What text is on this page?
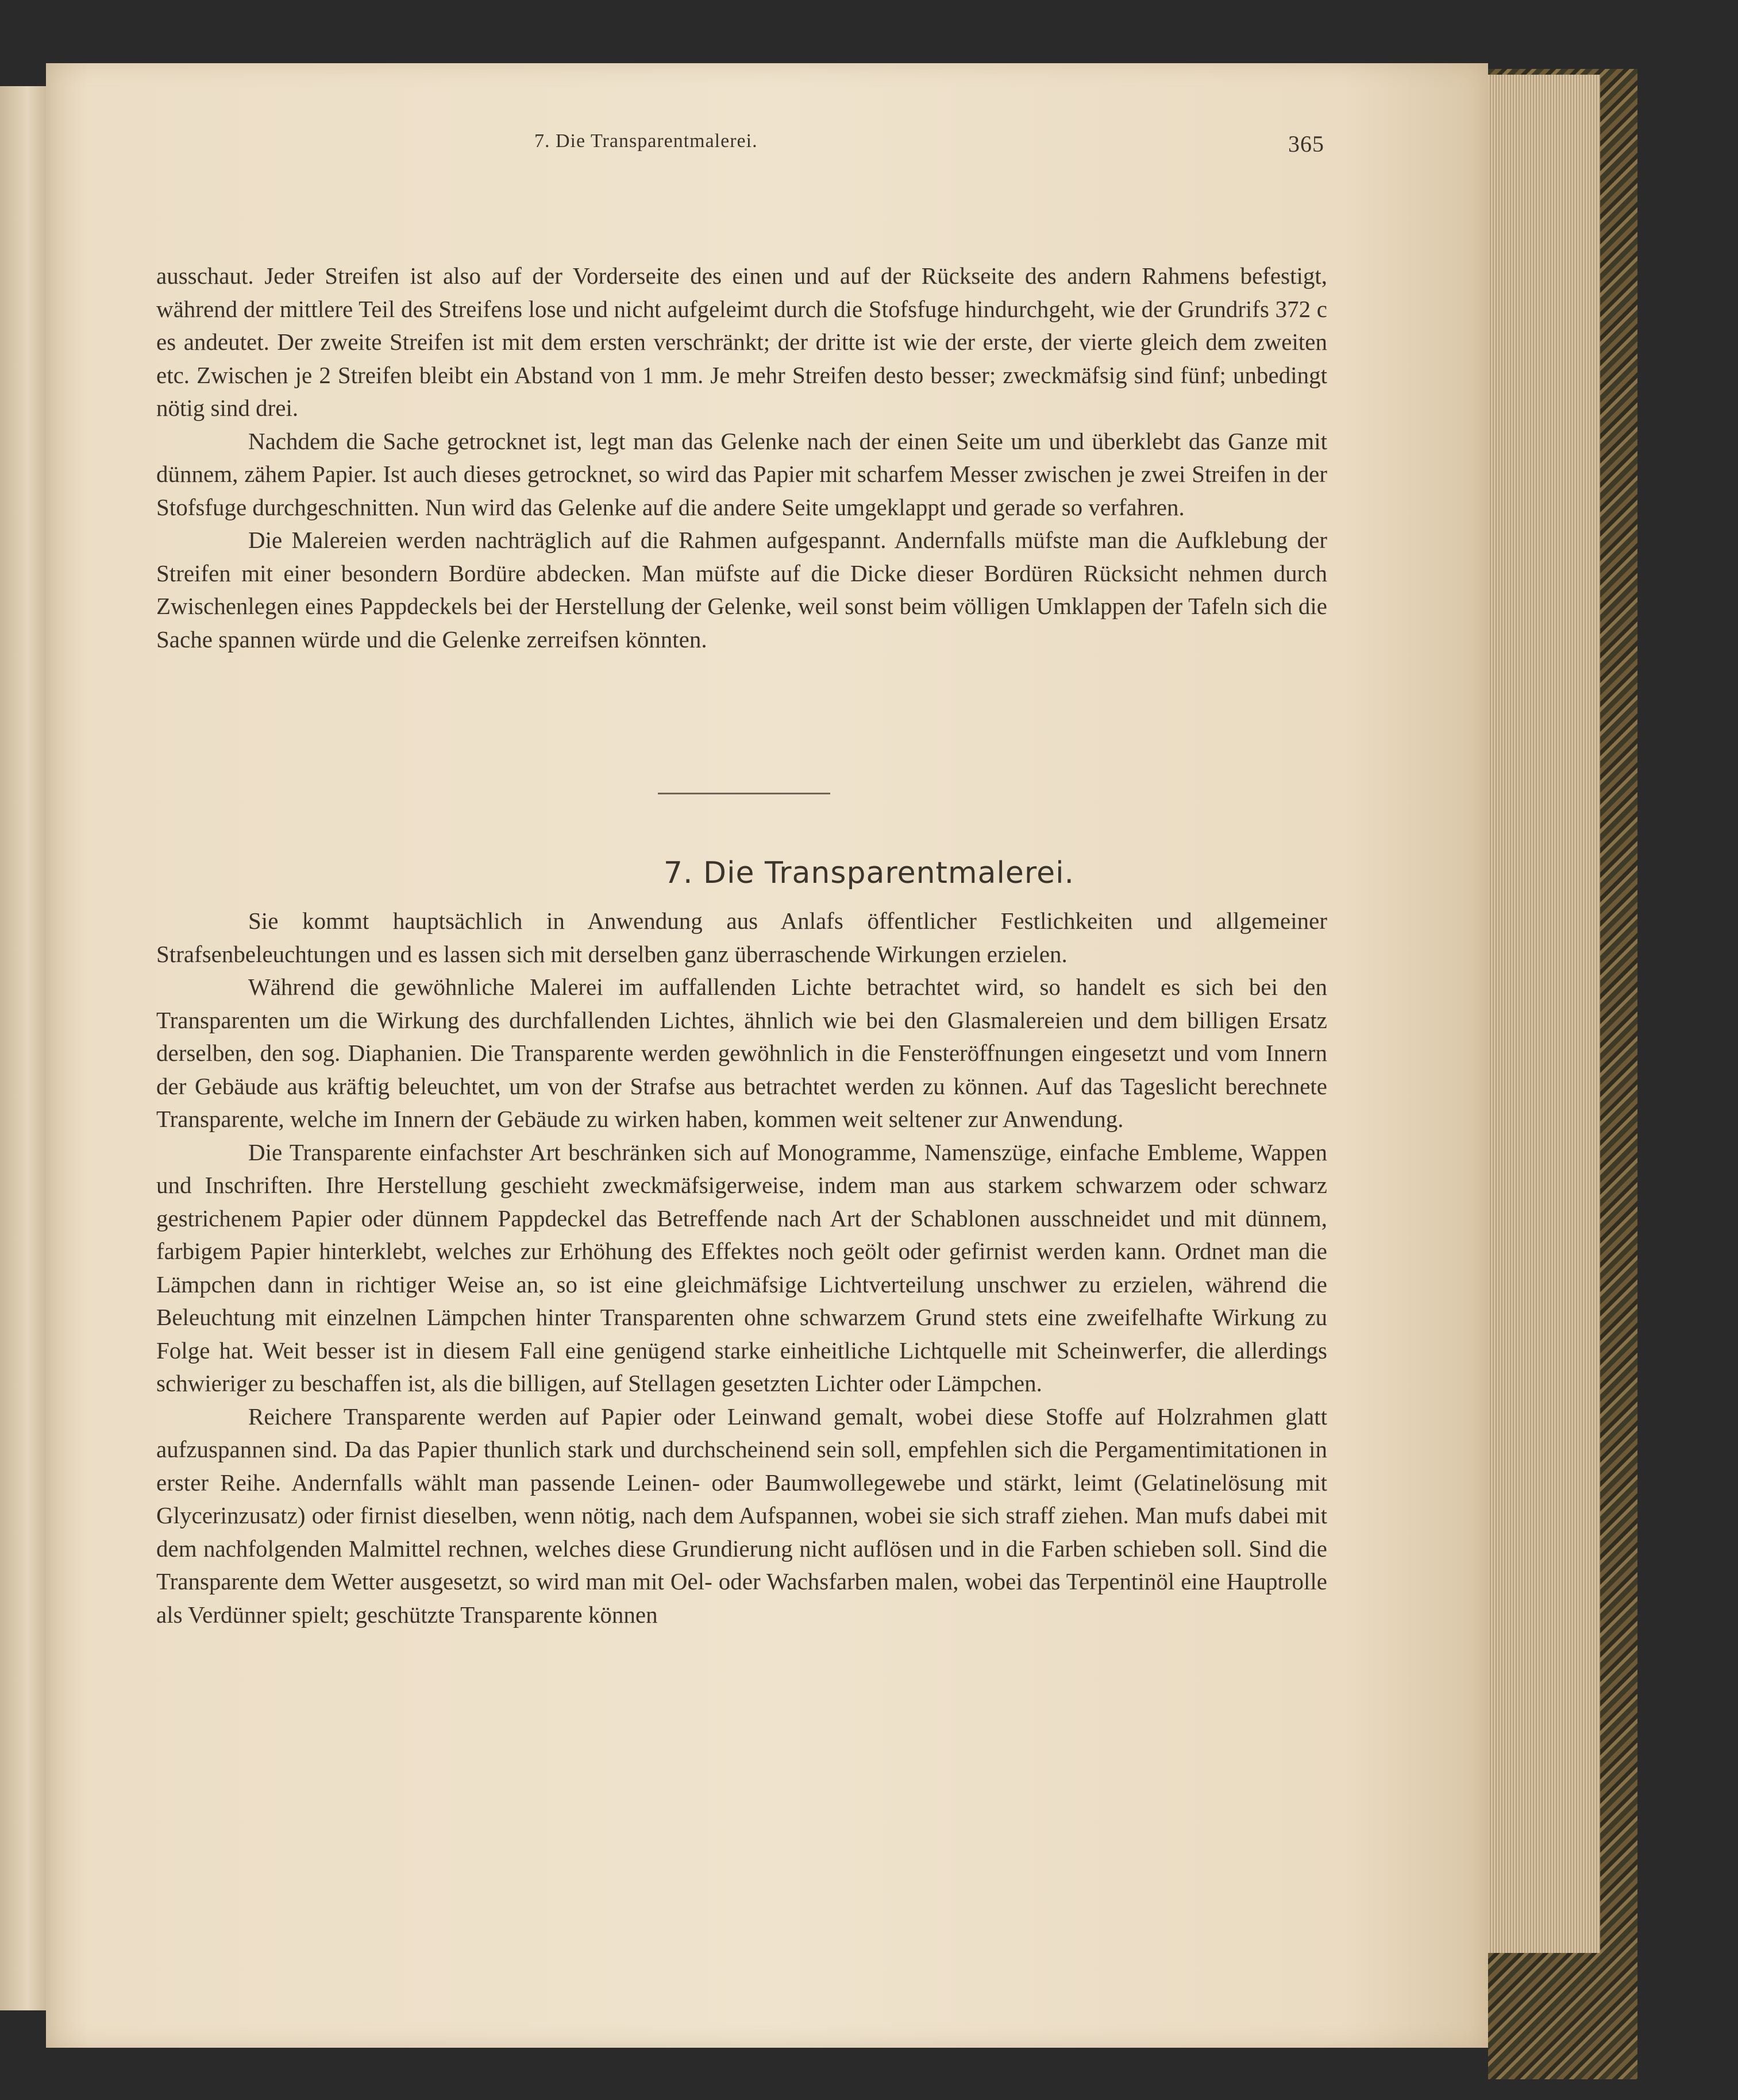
7. Die Transparentmalerei.	365

ausschaut. Jeder Streifen ist also auf der Vorderseite des einen und auf der Rückseite des andern Rahmens befestigt, während der mittlere Teil des Streifens lose und nicht aufgeleimt durch die Stofsfuge hindurchgeht, wie der Grundrifs 372 c es andeutet. Der zweite Streifen ist mit dem ersten verschränkt; der dritte ist wie der erste, der vierte gleich dem zweiten etc. Zwischen je 2 Streifen bleibt ein Abstand von 1 mm. Je mehr Streifen desto besser; zweckmäfsig sind fünf; unbedingt nötig sind drei.

Nachdem die Sache getrocknet ist, legt man das Gelenke nach der einen Seite um und überklebt das Ganze mit dünnem, zähem Papier. Ist auch dieses getrocknet, so wird das Papier mit scharfem Messer zwischen je zwei Streifen in der Stofsfuge durchgeschnitten. Nun wird das Gelenke auf die andere Seite umgeklappt und gerade so verfahren.

Die Malereien werden nachträglich auf die Rahmen aufgespannt. Andernfalls müfste man die Aufklebung der Streifen mit einer besondern Bordüre abdecken. Man müfste auf die Dicke dieser Bordüren Rücksicht nehmen durch Zwischenlegen eines Pappdeckels bei der Herstellung der Gelenke, weil sonst beim völligen Umklappen der Tafeln sich die Sache spannen würde und die Gelenke zerreifsen könnten.

7. Die Transparentmalerei.

Sie kommt hauptsächlich in Anwendung aus Anlafs öffentlicher Festlichkeiten und allgemeiner Strafsenbeleuchtungen und es lassen sich mit derselben ganz überraschende Wirkungen erzielen.

Während die gewöhnliche Malerei im auffallenden Lichte betrachtet wird, so handelt es sich bei den Transparenten um die Wirkung des durchfallenden Lichtes, ähnlich wie bei den Glasmalereien und dem billigen Ersatz derselben, den sog. Diaphanien. Die Transparente werden gewöhnlich in die Fensteröffnungen eingesetzt und vom Innern der Gebäude aus kräftig beleuchtet, um von der Strafse aus betrachtet werden zu können. Auf das Tageslicht berechnete Transparente, welche im Innern der Gebäude zu wirken haben, kommen weit seltener zur Anwendung.

Die Transparente einfachster Art beschränken sich auf Monogramme, Namenszüge, einfache Embleme, Wappen und Inschriften. Ihre Herstellung geschieht zweckmäfsigerweise, indem man aus starkem schwarzem oder schwarz gestrichenem Papier oder dünnem Pappdeckel das Betreffende nach Art der Schablonen ausschneidet und mit dünnem, farbigem Papier hinterklebt, welches zur Erhöhung des Effektes noch geölt oder gefirnist werden kann. Ordnet man die Lämpchen dann in richtiger Weise an, so ist eine gleichmäfsige Lichtverteilung unschwer zu erzielen, während die Beleuchtung mit einzelnen Lämpchen hinter Transparenten ohne schwarzem Grund stets eine zweifelhafte Wirkung zu Folge hat. Weit besser ist in diesem Fall eine genügend starke einheitliche Lichtquelle mit Scheinwerfer, die allerdings schwieriger zu beschaffen ist, als die billigen, auf Stellagen gesetzten Lichter oder Lämpchen.

Reichere Transparente werden auf Papier oder Leinwand gemalt, wobei diese Stoffe auf Holzrahmen glatt aufzuspannen sind. Da das Papier thunlich stark und durchscheinend sein soll, empfehlen sich die Pergamentimitationen in erster Reihe. Andernfalls wählt man passende Leinen- oder Baumwollegewebe und stärkt, leimt (Gelatinelösung mit Glycerinzusatz) oder firnist dieselben, wenn nötig, nach dem Aufspannen, wobei sie sich straff ziehen. Man mufs dabei mit dem nachfolgenden Malmittel rechnen, welches diese Grundierung nicht auflösen und in die Farben schieben soll. Sind die Transparente dem Wetter ausgesetzt, so wird man mit Oel- oder Wachsfarben malen, wobei das Terpentinöl eine Hauptrolle als Verdünner spielt; geschützte Transparente können
